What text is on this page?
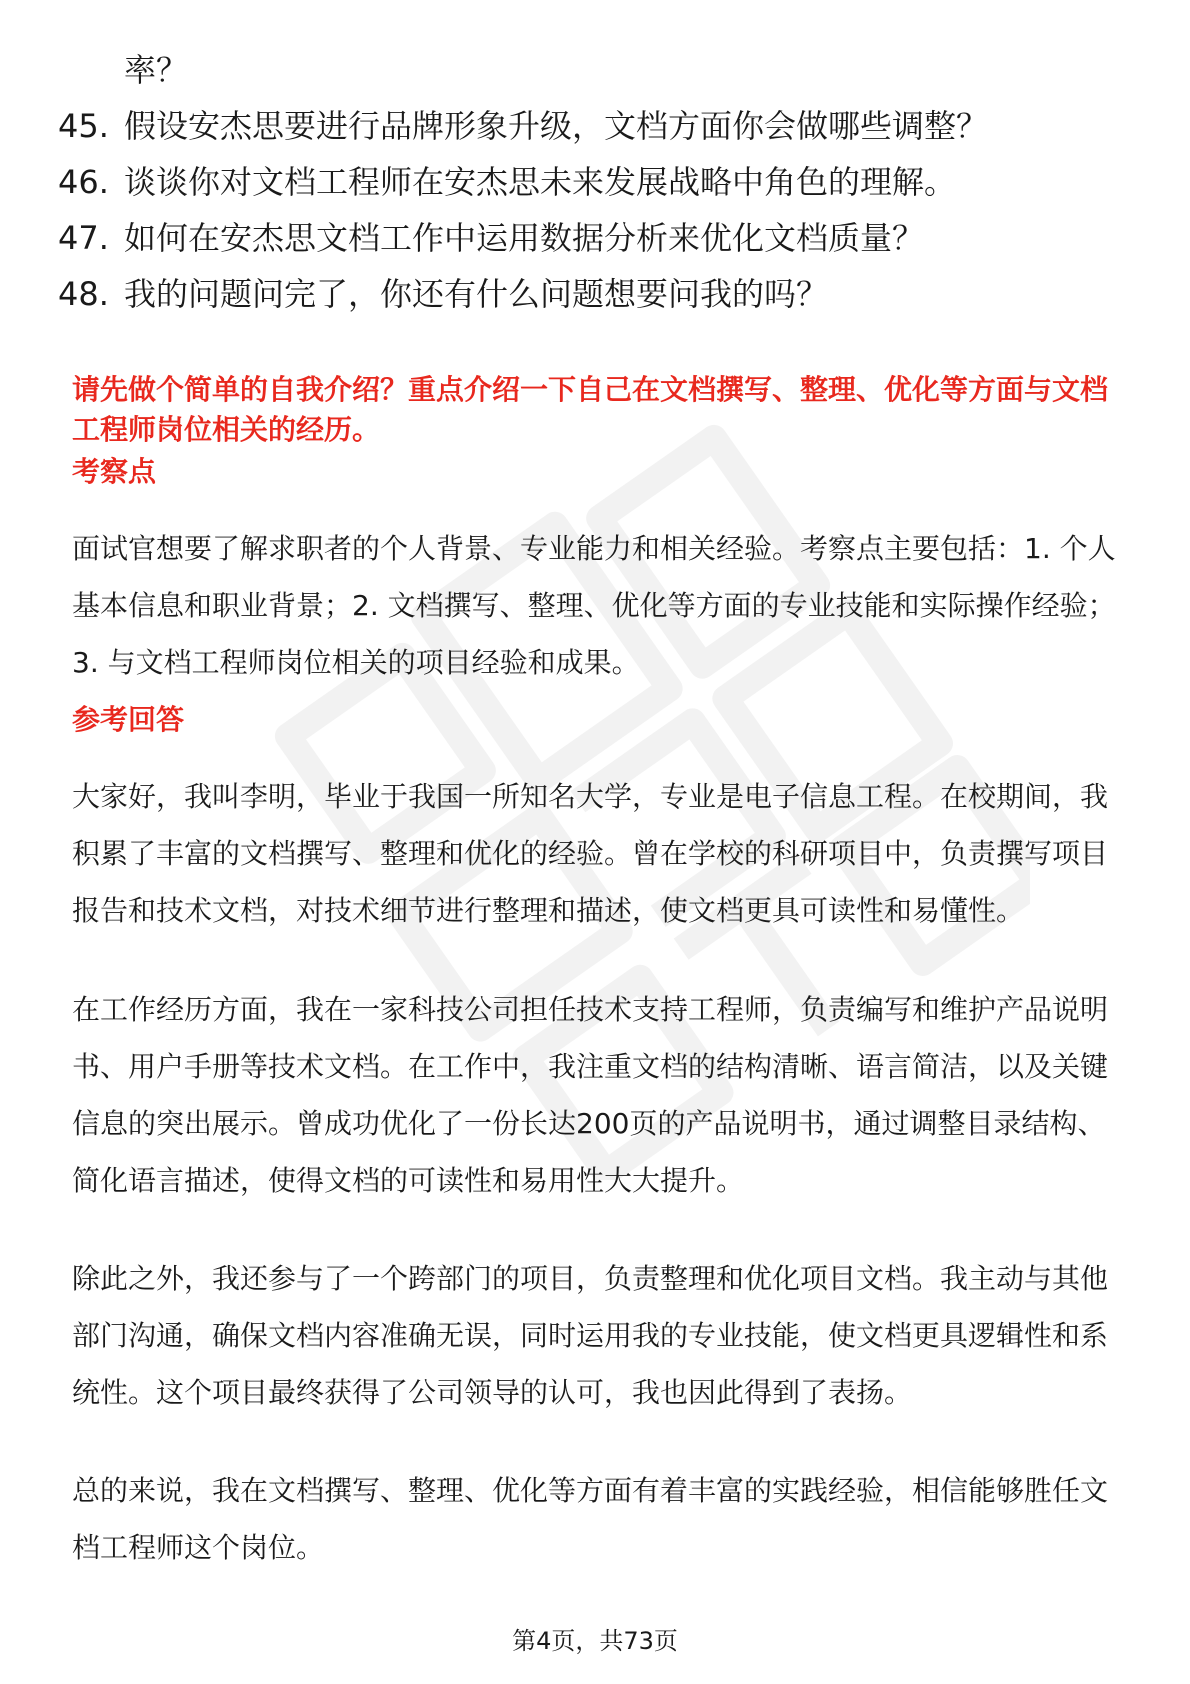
率？
45. 假设安杰思要进行品牌形象升级，文档方面你会做哪些调整？
46. 谈谈你对文档工程师在安杰思未来发展战略中角色的理解。
47. 如何在安杰思文档工作中运用数据分析来优化文档质量？
48. 我的问题问完了，你还有什么问题想要问我的吗？

请先做个简单的自我介绍？重点介绍一下自己在文档撰写、整理、优化等方面与文档工程师岗位相关的经历。

考察点

面试官想要了解求职者的个人背景、专业能力和相关经验。考察点主要包括：1. 个人基本信息和职业背景；2. 文档撰写、整理、优化等方面的专业技能和实际操作经验；3. 与文档工程师岗位相关的项目经验和成果。

参考回答

大家好，我叫李明，毕业于我国一所知名大学，专业是电子信息工程。在校期间，我积累了丰富的文档撰写、整理和优化的经验。曾在学校的科研项目中，负责撰写项目报告和技术文档，对技术细节进行整理和描述，使文档更具可读性和易懂性。

在工作经历方面，我在一家科技公司担任技术支持工程师，负责编写和维护产品说明书、用户手册等技术文档。在工作中，我注重文档的结构清晰、语言简洁，以及关键信息的突出展示。曾成功优化了一份长达200页的产品说明书，通过调整目录结构、简化语言描述，使得文档的可读性和易用性大大提升。

除此之外，我还参与了一个跨部门的项目，负责整理和优化项目文档。我主动与其他部门沟通，确保文档内容准确无误，同时运用我的专业技能，使文档更具逻辑性和系统性。这个项目最终获得了公司领导的认可，我也因此得到了表扬。

总的来说，我在文档撰写、整理、优化等方面有着丰富的实践经验，相信能够胜任文档工程师这个岗位。

第4页，共73页
